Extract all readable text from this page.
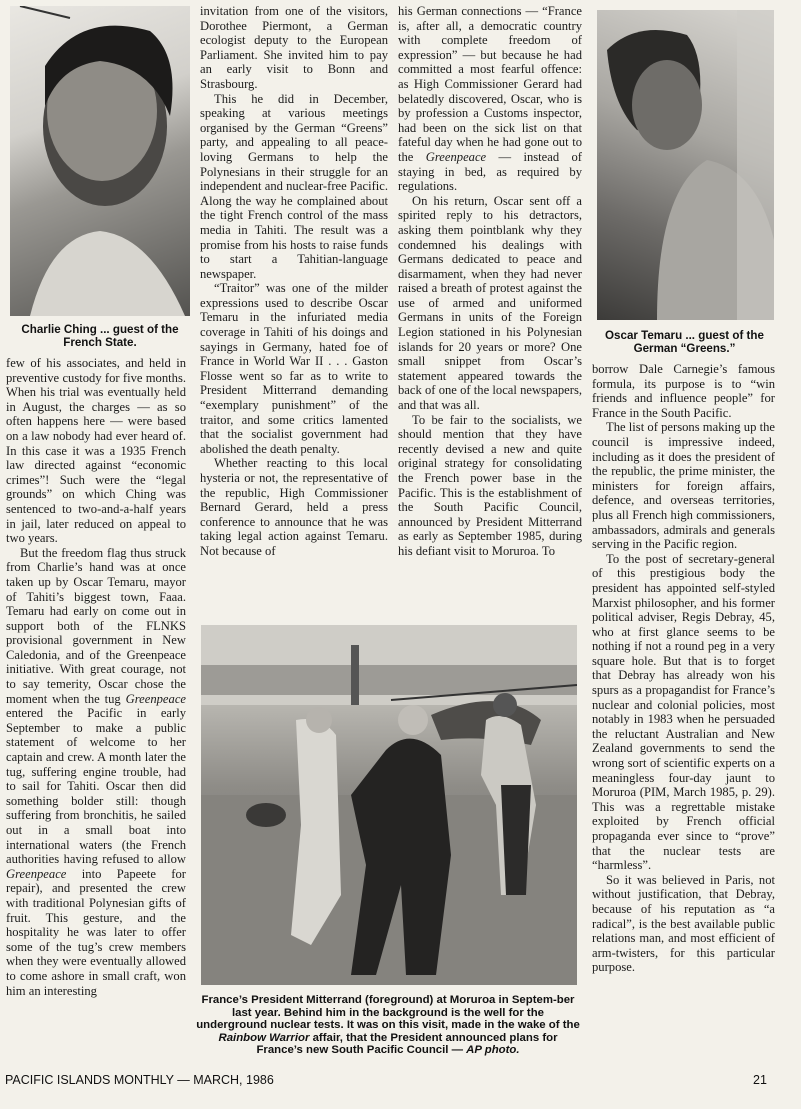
Charlie Ching ... guest of the French State.

few of his associates, and held in preventive custody for five months. When his trial was eventually held in August, the charges — as so often happens here — were based on a law nobody had ever heard of. In this case it was a 1935 French law directed against “economic crimes”! Such were the “legal grounds” on which Ching was sentenced to two-and-a-half years in jail, later reduced on appeal to two years.

But the freedom flag thus struck from Charlie’s hand was at once taken up by Oscar Temaru, mayor of Tahiti’s biggest town, Faaa. Temaru had early on come out in support both of the FLNKS provisional government in New Caledonia, and of the Greenpeace initiative. With great courage, not to say temerity, Oscar chose the moment when the tug Greenpeace entered the Pacific in early September to make a public statement of welcome to her captain and crew. A month later the tug, suffering engine trouble, had to sail for Tahiti. Oscar then did something bolder still: though suffering from bronchitis, he sailed out in a small boat into international waters (the French authorities having refused to allow Greenpeace into Papeete for repair), and presented the crew with traditional Polynesian gifts of fruit. This gesture, and the hospitality he was later to offer some of the tug’s crew members when they were eventually allowed to come ashore in small craft, won him an interesting

invitation from one of the visitors, Dorothee Piermont, a German ecologist deputy to the European Parliament. She invited him to pay an early visit to Bonn and Strasbourg.

This he did in December, speaking at various meetings organised by the German “Greens” party, and appealing to all peace-loving Germans to help the Polynesians in their struggle for an independent and nuclear-free Pacific. Along the way he complained about the tight French control of the mass media in Tahiti. The result was a promise from his hosts to raise funds to start a Tahitian-language newspaper.

“Traitor” was one of the milder expressions used to describe Oscar Temaru in the infuriated media coverage in Tahiti of his doings and sayings in Germany, hated foe of France in World War II . . . Gaston Flosse went so far as to write to President Mitterrand demanding “exemplary punishment” of the traitor, and some critics lamented that the socialist government had abolished the death penalty.

Whether reacting to this local hysteria or not, the representative of the republic, High Commissioner Bernard Gerard, held a press conference to announce that he was taking legal action against Temaru. Not because of

his German connections — “France is, after all, a democratic country with complete freedom of expression” — but because he had committed a most fearful offence: as High Commissioner Gerard had belatedly discovered, Oscar, who is by profession a Customs inspector, had been on the sick list on that fateful day when he had gone out to the Greenpeace — instead of staying in bed, as required by regulations.

On his return, Oscar sent off a spirited reply to his detractors, asking them pointblank why they condemned his dealings with Germans dedicated to peace and disarmament, when they had never raised a breath of protest against the use of armed and uniformed Germans in units of the Foreign Legion stationed in his Polynesian islands for 20 years or more? One small snippet from Oscar’s statement appeared towards the back of one of the local newspapers, and that was all.

To be fair to the socialists, we should mention that they have recently devised a new and quite original strategy for consolidating the French power base in the Pacific. This is the establishment of the South Pacific Council, announced by President Mitterrand as early as September 1985, during his defiant visit to Moruroa. To

Oscar Temaru ... guest of the German “Greens.”

borrow Dale Carnegie’s famous formula, its purpose is to “win friends and influence people” for France in the South Pacific.

The list of persons making up the council is impressive indeed, including as it does the president of the republic, the prime minister, the ministers for foreign affairs, defence, and overseas territories, plus all French high commissioners, ambassadors, admirals and generals serving in the Pacific region.

To the post of secretary-general of this prestigious body the president has appointed self-styled Marxist philosopher, and his former political adviser, Regis Debray, 45, who at first glance seems to be nothing if not a round peg in a very square hole. But that is to forget that Debray has already won his spurs as a propagandist for France’s nuclear and colonial policies, most notably in 1983 when he persuaded the reluctant Australian and New Zealand governments to send the wrong sort of scientific experts on a meaningless four-day jaunt to Moruroa (PIM, March 1985, p. 29). This was a regrettable mistake exploited by French official propaganda ever since to “prove” that the nuclear tests are “harmless”.

So it was believed in Paris, not without justification, that Debray, because of his reputation as “a radical”, is the best available public relations man, and most efficient of arm-twisters, for this particular purpose.

France’s President Mitterrand (foreground) at Moruroa in Septem-ber last year. Behind him in the background is the well for the underground nuclear tests. It was on this visit, made in the wake of the Rainbow Warrior affair, that the President announced plans for France’s new South Pacific Council — AP photo.
PACIFIC ISLANDS MONTHLY — MARCH, 1986	21
